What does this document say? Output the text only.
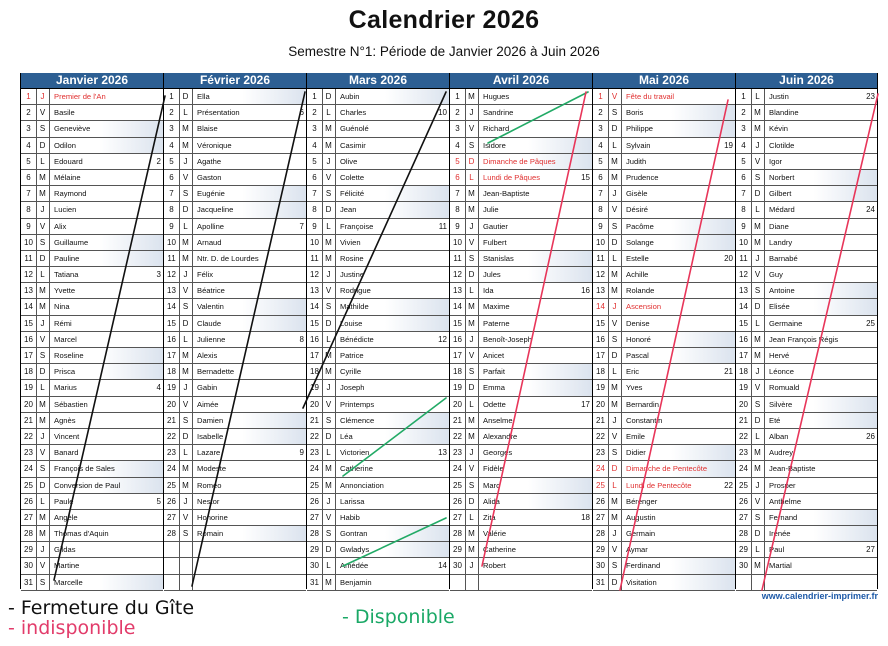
Calendrier 2026
Semestre N°1: Période de Janvier 2026 à Juin 2026
Janvier 2026
1	J	Premier de l'An
2	V	Basile
3	S	Geneviève
4	D	Odilon
5	L	Edouard	2
6	M	Mélaine
7	M	Raymond
8	J	Lucien
9	V	Alix
10 S	Guillaume
11 D	Pauline
12 L	Tatiana	3
13 M	Yvette
14 M	Nina
15 J	Rémi
16 V	Marcel
17 S	Roseline
18 D	Prisca
19 L	Marius	4
20 M	Sébastien
21 M	Agnès
22 J	Vincent
23 V	Banard
24 S	François de Sales
25 D	Conversion de Paul
26 L	Paule	5
27 M	Angèle
28 M	Thomas d'Aquin
29 J	Gildas
30 V	Martine
31 S	Marcelle
Février 2026
1	D	Ella
2	L	Présentation	6
3	M	Blaise
4	M	Véronique
5	J	Agathe
6	V	Gaston
7	S	Eugénie
8	D	Jacqueline
9	L	Apolline	7
10 M	Arnaud
11 M	Ntr. D. de Lourdes
12 J	Félix
13 V	Béatrice
14 S	Valentin
15 D	Claude
16 L	Julienne	8
17 M	Alexis
18 M	Bernadette
19 J	Gabin
20 V	Aimée
21 S	Damien
22 D	Isabelle
23 L	Lazare	9
24 M	Modeste
25 M	Roméo
26 J	Nestor
27 V	Honorine
28 S	Romain
Mars 2026
1	D	Aubin
2	L	Charles	10
3	M	Guénolé
4	M	Casimir
5	J	Olive
6	V	Colette
7	S	Félicité
8	D	Jean
9	L	Françoise	11
10 M	Vivien
11 M	Rosine
12 J	Justine
13 V	Rodrigue
14 S	Mathilde
15 D	Louise
16 L	Bénédicte	12
17 M	Patrice
18 M	Cyrille
19 J	Joseph
20 V	Printemps
21 S	Clémence
22 D	Léa
23 L	Victorien	13
24 M	Catherine
25 M	Annonciation
26 J	Larissa
27 V	Habib
28 S	Gontran
29 D	Gwladys
30 L	Amédée	14
31 M	Benjamin
Avril 2026
1	M	Hugues
2	J	Sandrine
3	V	Richard
4	S	Isidore
5	D	Dimanche de Pâques
6	L	Lundi de Pâques	15
7	M	Jean-Baptiste
8	M	Julie
9	J	Gautier
10 V	Fulbert
11 S	Stanislas
12 D	Jules
13 L	Ida	16
14 M	Maxime
15 M	Paterne
16 J	Benoît-Joseph
17 V	Anicet
18 S	Parfait
19 D	Emma
20 L	Odette	17
21 M	Anselme
22 M	Alexandre
23 J	Georges
24 V	Fidèle
25 S	Marc
26 D	Alida
27 L	Zita	18
28 M	Valérie
29 M	Catherine
30 J	Robert
Mai 2026
1	V	Fête du travail
2	S	Boris
3	D	Philippe
4	L	Sylvain	19
5	M	Judith
6	M	Prudence
7	J	Gisèle
8	V	Désiré
9	S	Pacôme
10 D	Solange
11 L	Estelle	20
12 M	Achille
13 M	Rolande
14 J	Ascension
15 V	Denise
16 S	Honoré
17 D	Pascal
18 L	Eric	21
19 M	Yves
20 M	Bernardin
21 J	Constantin
22 V	Emile
23 S	Didier
24 D	Dimanche de Pentecôte
25 L	Lundi de Pentecôte	22
26 M	Bérenger
27 M	Augustin
28 J	Germain
29 V	Aymar
30 S	Ferdinand
31 D	Visitation
Juin 2026
1	L	Justin	23
2	M	Blandine
3	M	Kévin
4	J	Clotilde
5	V	Igor
6	S	Norbert
7	D	Gilbert
8	L	Médard	24
9	M	Diane
10 M	Landry
11 J	Barnabé
12 V	Guy
13 S	Antoine
14 D	Elisée
15 L	Germaine	25
16 M	Jean François Régis
17 M	Hervé
18 J	Léonce
19 V	Romuald
20 S	Silvère
21 D	Eté
22 L	Alban	26
23 M	Audrey
24 M	Jean-Baptiste
25 J	Prosper
26 V	Anthelme
27 S	Fernand
28 D	Irénée
29 L	Paul	27
30 M	Martial
www.calendrier-imprimer.fr
- Fermeture du Gîte
- indisponible	- Disponible
